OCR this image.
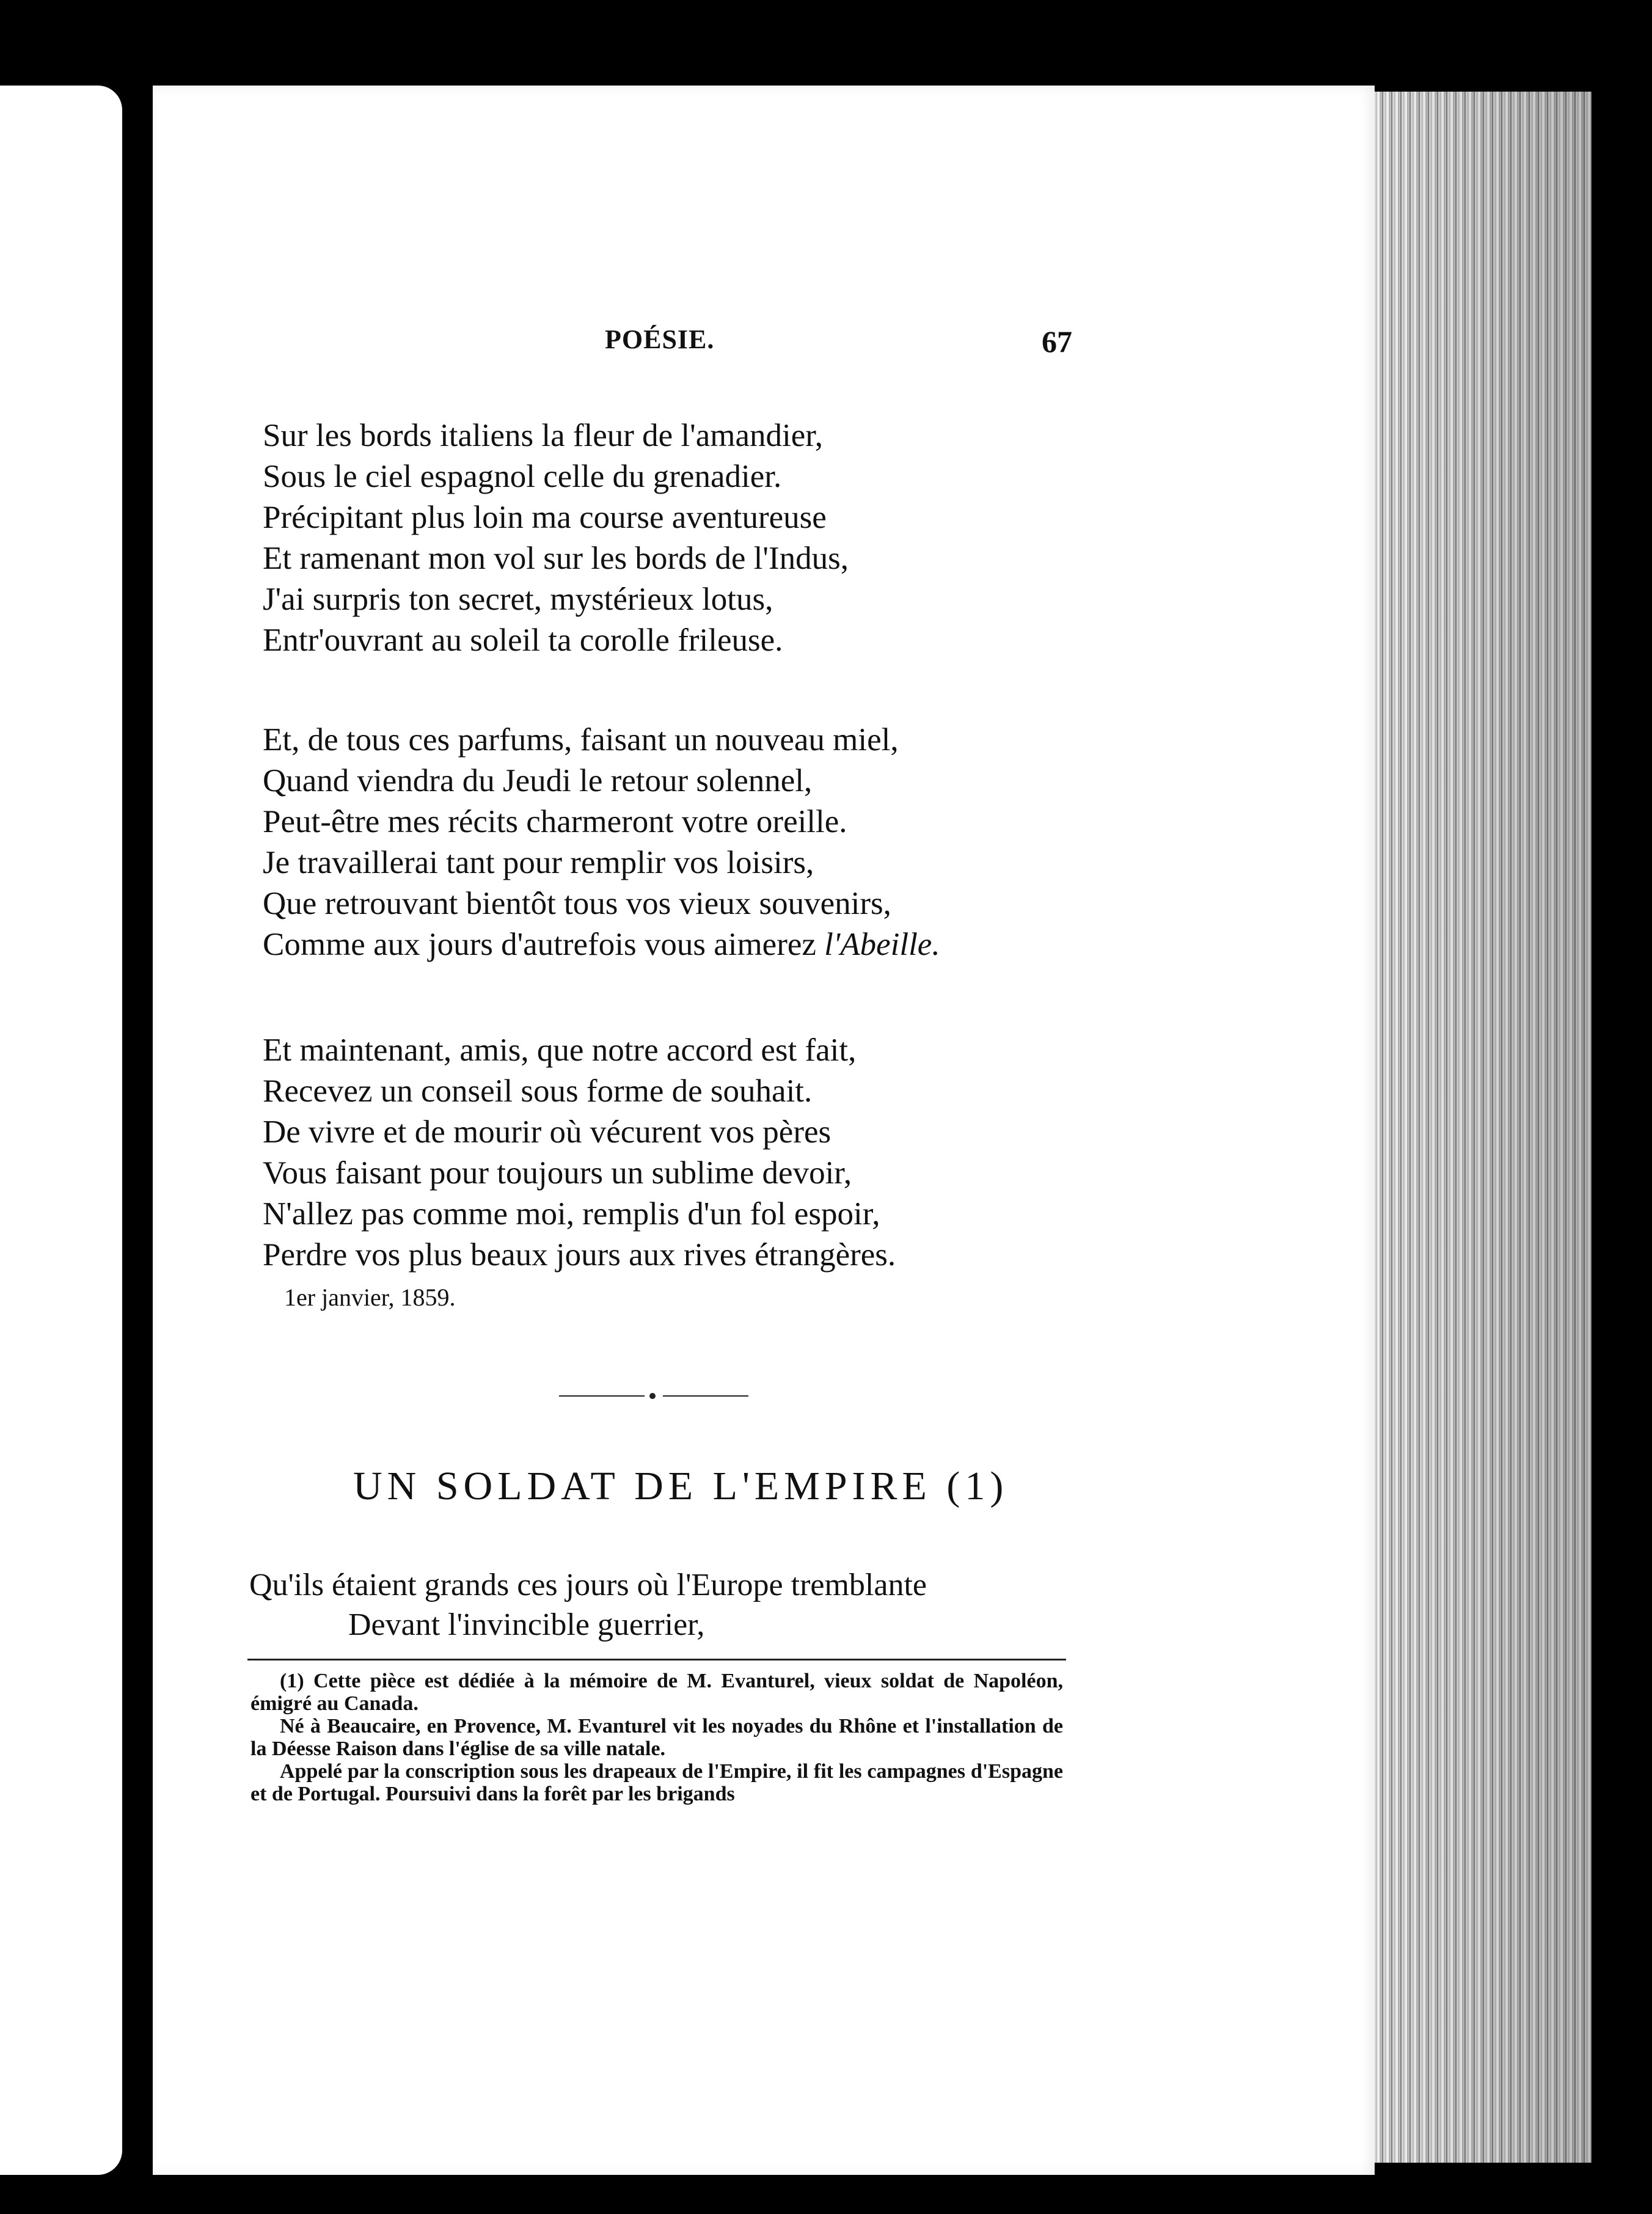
POÉSIE.	67
Sur les bords italiens la fleur de l'amandier,
Sous le ciel espagnol celle du grenadier.
Précipitant plus loin ma course aventureuse
Et ramenant mon vol sur les bords de l'Indus,
J'ai surpris ton secret, mystérieux lotus,
Entr'ouvrant au soleil ta corolle frileuse.
Et, de tous ces parfums, faisant un nouveau miel,
Quand viendra du Jeudi le retour solennel,
Peut-être mes récits charmeront votre oreille.
Je travaillerai tant pour remplir vos loisirs,
Que retrouvant bientôt tous vos vieux souvenirs,
Comme aux jours d'autrefois vous aimerez l'Abeille.
Et maintenant, amis, que notre accord est fait,
Recevez un conseil sous forme de souhait.
De vivre et de mourir où vécurent vos pères
Vous faisant pour toujours un sublime devoir,
N'allez pas comme moi, remplis d'un fol espoir,
Perdre vos plus beaux jours aux rives étrangères.
1er janvier, 1859.
UN SOLDAT DE L'EMPIRE (1)
Qu'ils étaient grands ces jours où l'Europe tremblante
Devant l'invincible guerrier,

(1) Cette pièce est dédiée à la mémoire de M. Evanturel, vieux soldat de Napoléon, émigré au Canada.

Né à Beaucaire, en Provence, M. Evanturel vit les noyades du Rhône et l'installation de la Déesse Raison dans l'église de sa ville natale.

Appelé par la conscription sous les drapeaux de l'Empire, il fit les campagnes d'Espagne et de Portugal. Poursuivi dans la forêt par les brigands
